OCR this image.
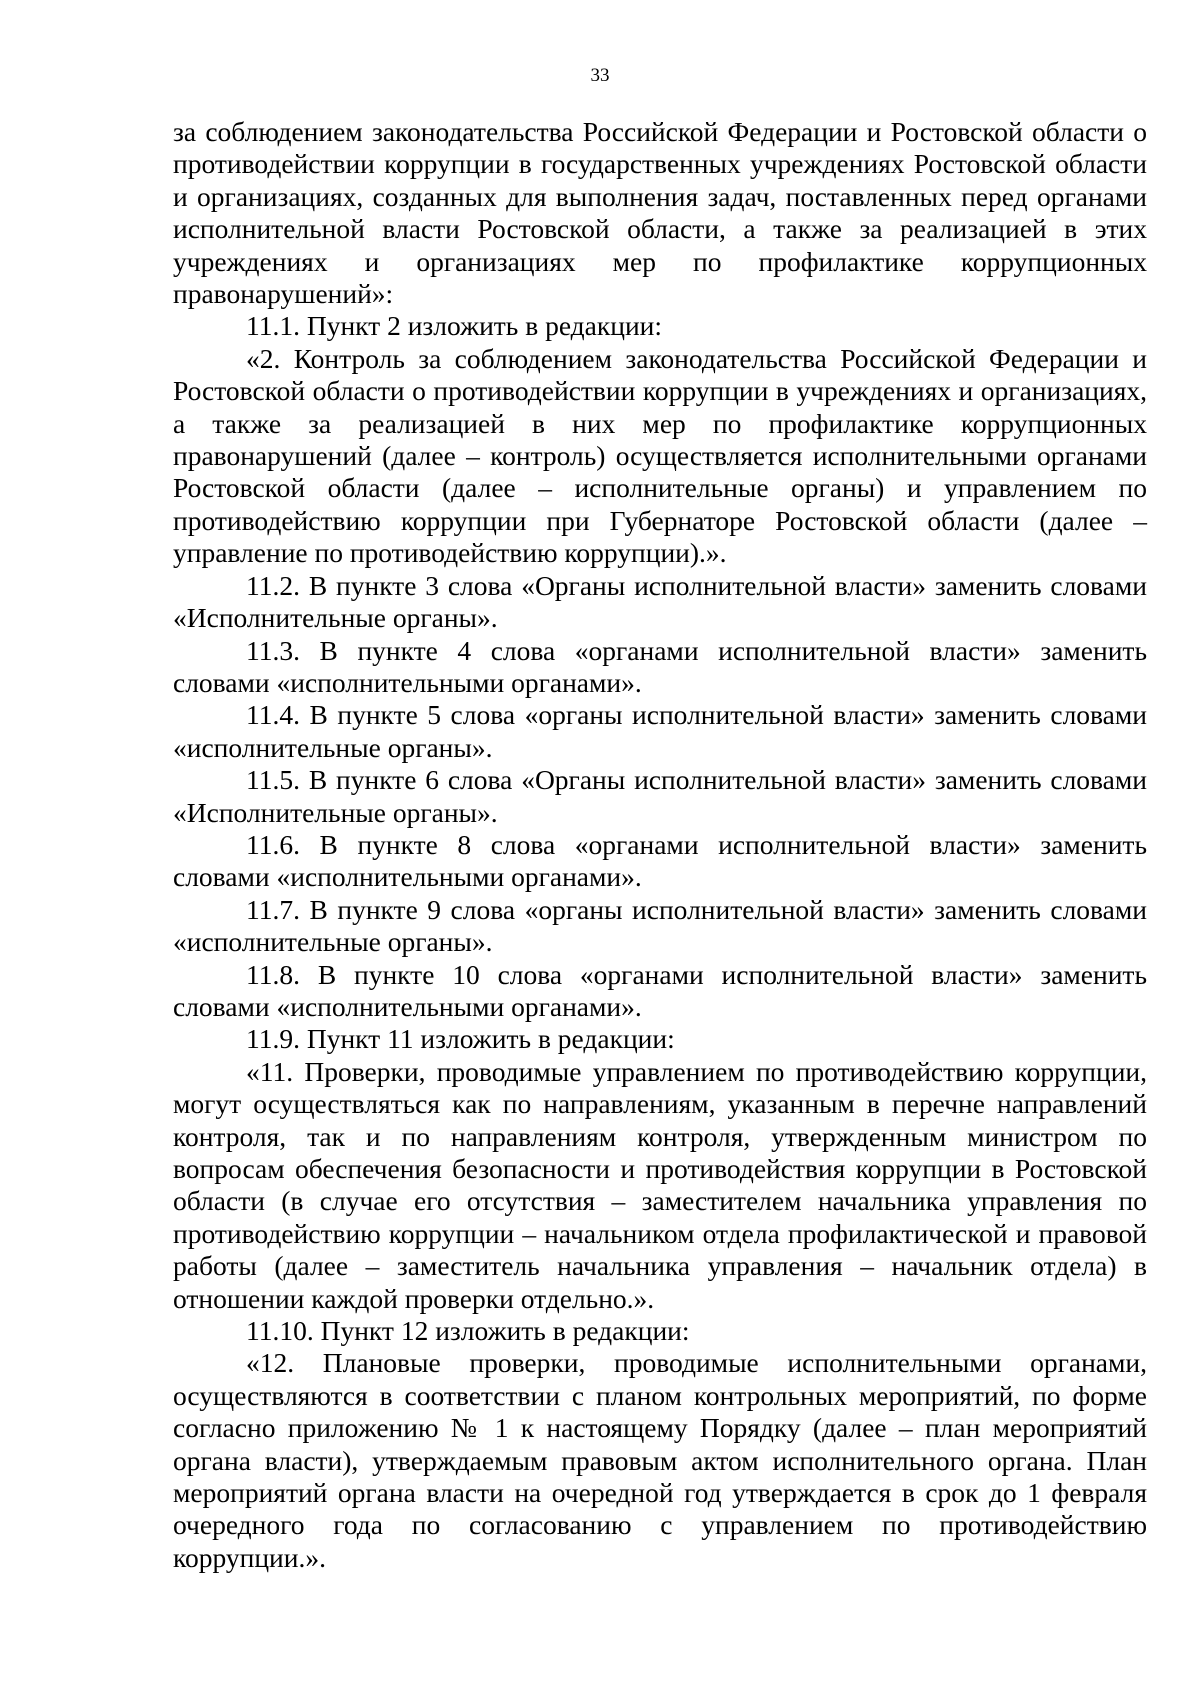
33

за соблюдением законодательства Российской Федерации и Ростовской области о противодействии коррупции в государственных учреждениях Ростовской области и организациях, созданных для выполнения задач, поставленных перед органами исполнительной власти Ростовской области, а также за реализацией в этих учреждениях и организациях мер по профилактике коррупционных правонарушений»:

11.1. Пункт 2 изложить в редакции:

«2. Контроль за соблюдением законодательства Российской Федерации и Ростовской области о противодействии коррупции в учреждениях и организациях, а также за реализацией в них мер по профилактике коррупционных правонарушений (далее – контроль) осуществляется исполнительными органами Ростовской области (далее – исполнительные органы) и управлением по противодействию коррупции при Губернаторе Ростовской области (далее – управление по противодействию коррупции).».

11.2. В пункте 3 слова «Органы исполнительной власти» заменить словами «Исполнительные органы».

11.3. В пункте 4 слова «органами исполнительной власти» заменить словами «исполнительными органами».

11.4. В пункте 5 слова «органы исполнительной власти» заменить словами «исполнительные органы».

11.5. В пункте 6 слова «Органы исполнительной власти» заменить словами «Исполнительные органы».

11.6. В пункте 8 слова «органами исполнительной власти» заменить словами «исполнительными органами».

11.7. В пункте 9 слова «органы исполнительной власти» заменить словами «исполнительные органы».

11.8. В пункте 10 слова «органами исполнительной власти» заменить словами «исполнительными органами».

11.9. Пункт 11 изложить в редакции:

«11. Проверки, проводимые управлением по противодействию коррупции, могут осуществляться как по направлениям, указанным в перечне направлений контроля, так и по направлениям контроля, утвержденным министром по вопросам обеспечения безопасности и противодействия коррупции в Ростовской области (в случае его отсутствия – заместителем начальника управления по противодействию коррупции – начальником отдела профилактической и правовой работы (далее – заместитель начальника управления – начальник отдела) в отношении каждой проверки отдельно.».

11.10. Пункт 12 изложить в редакции:

«12. Плановые проверки, проводимые исполнительными органами, осуществляются в соответствии с планом контрольных мероприятий, по форме согласно приложению № 1 к настоящему Порядку (далее – план мероприятий органа власти), утверждаемым правовым актом исполнительного органа. План мероприятий органа власти на очередной год утверждается в срок до 1 февраля очередного года по согласованию с управлением по противодействию коррупции.».
